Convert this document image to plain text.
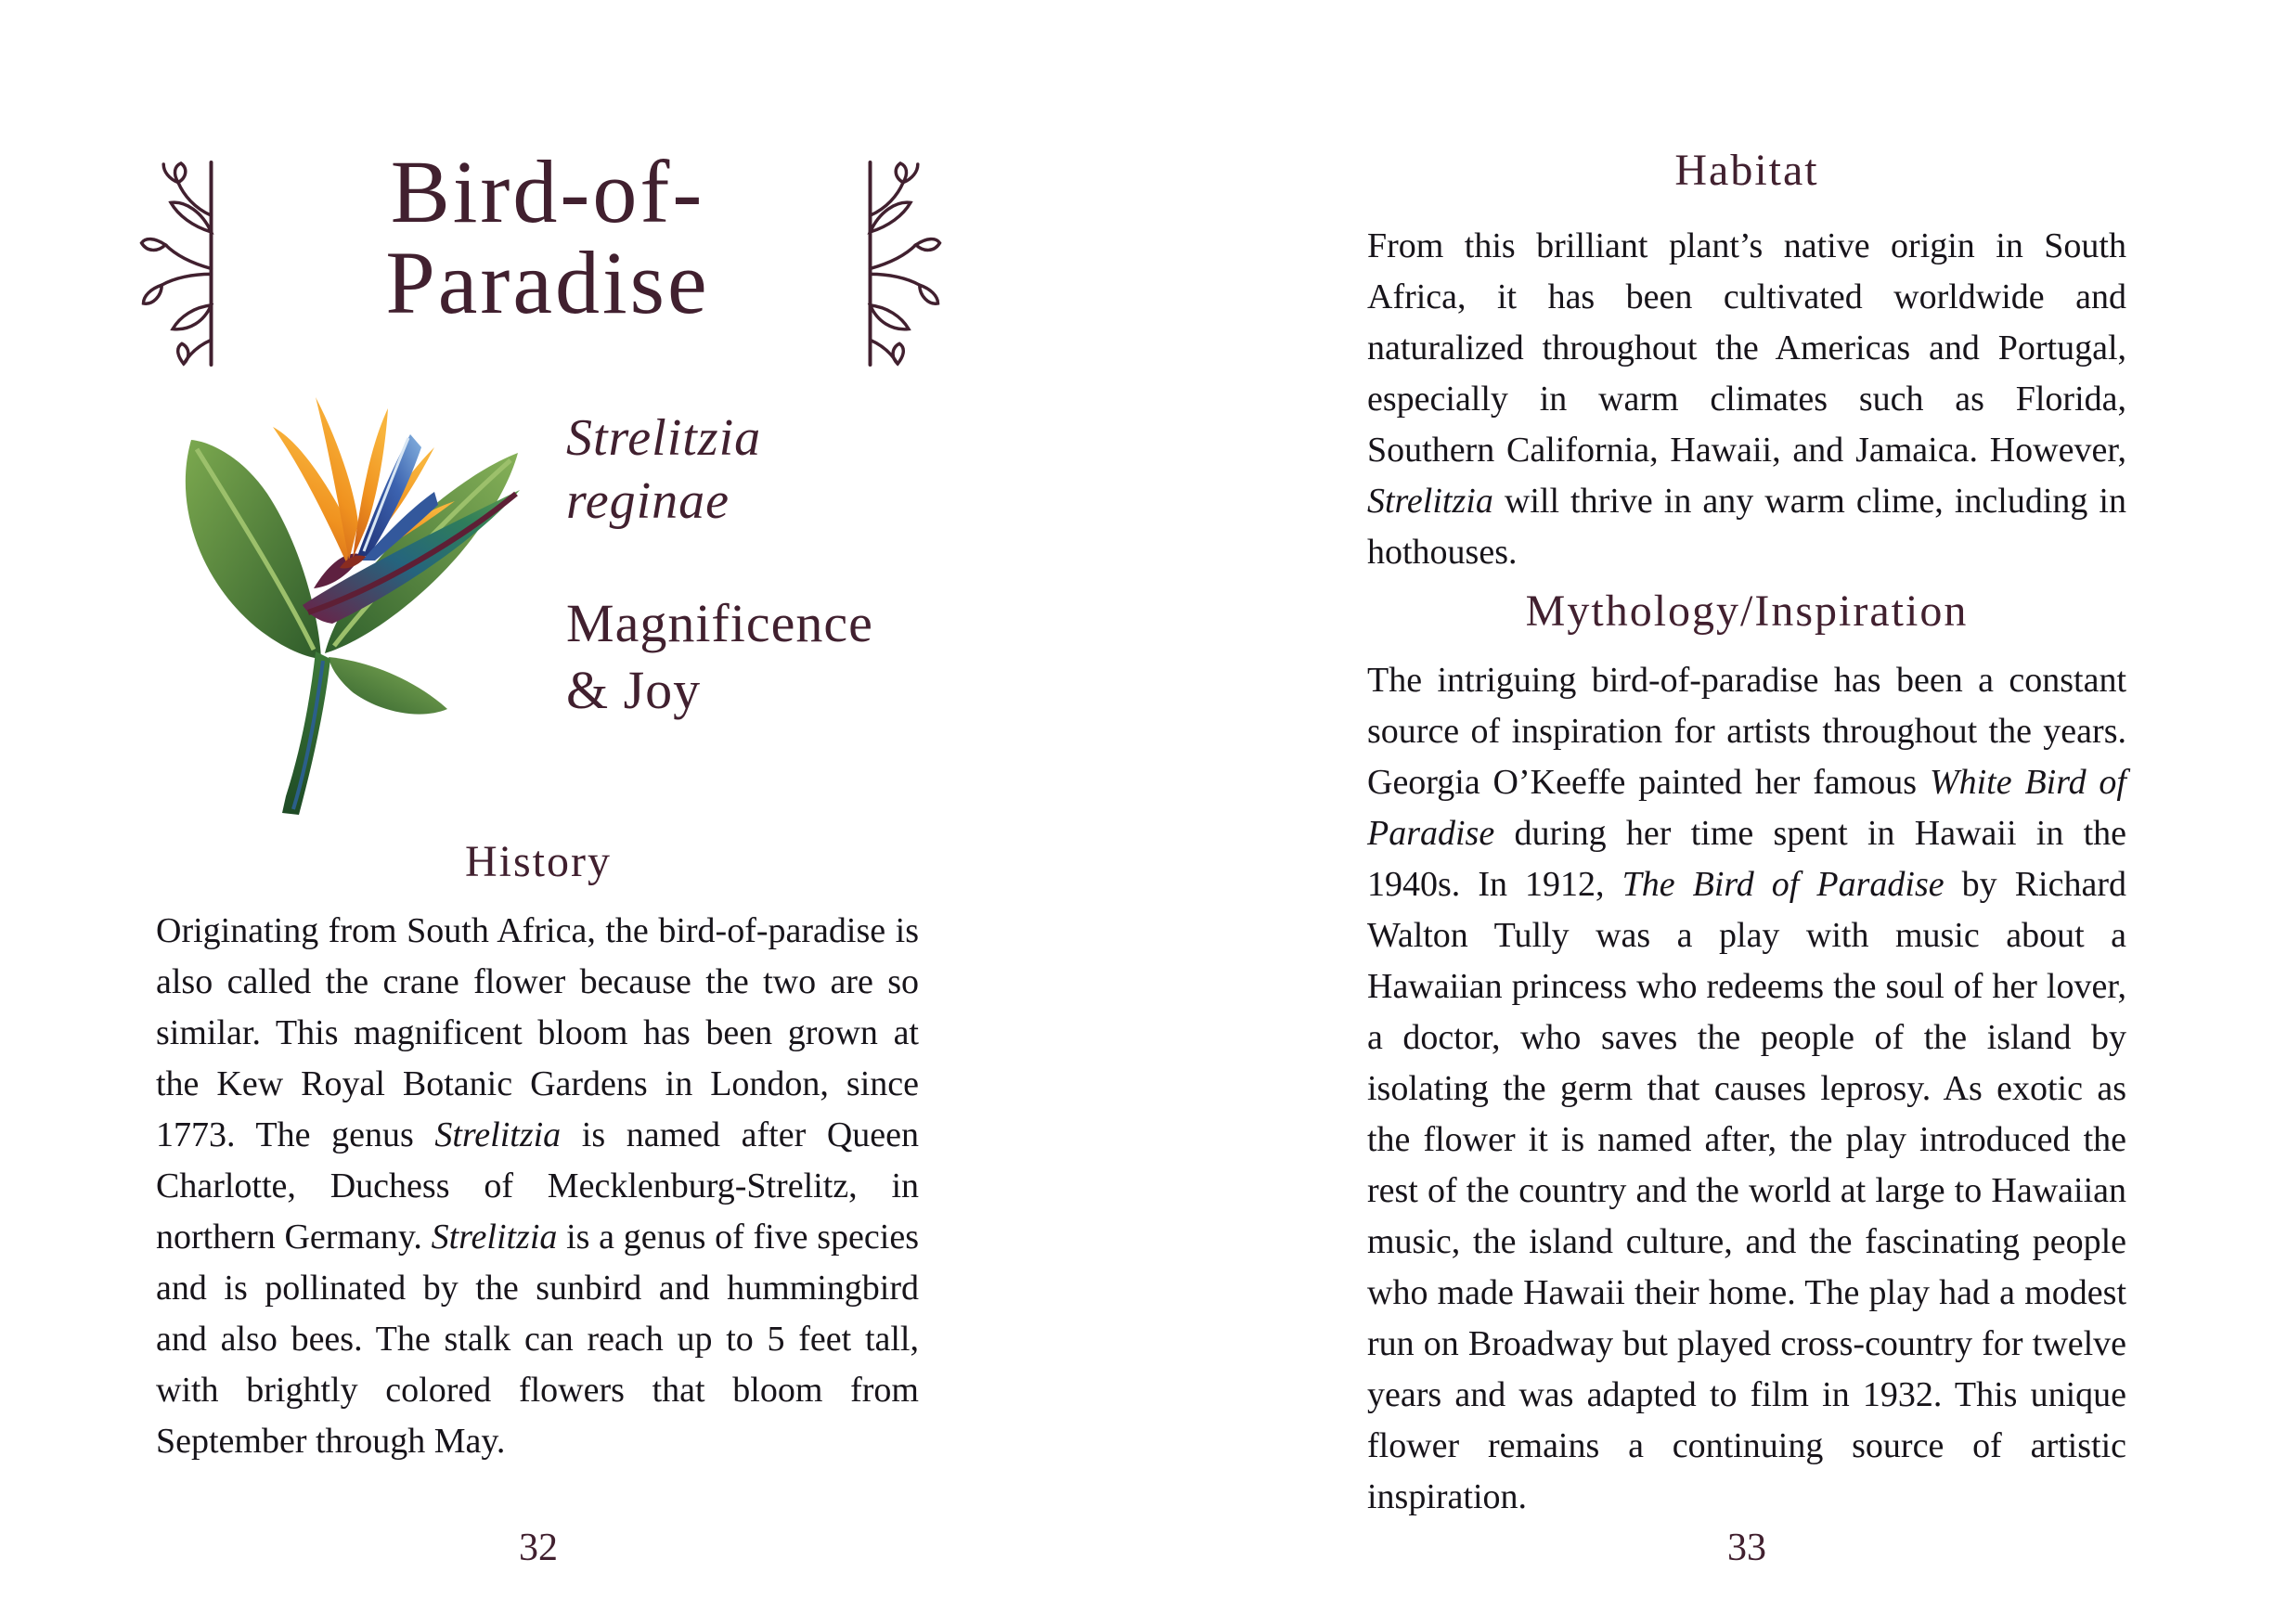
Bird-of-
Paradise
Strelitzia
reginae
Magnificence
& Joy
History

Originating from South Africa, the bird-of-paradise is also called the crane flower because the two are so similar. This magnificent bloom has been grown at the Kew Royal Botanic Gardens in London, since 1773. The genus Strelitzia is named after Queen Charlotte, Duchess of Mecklenburg-Strelitz, in northern Germany. Strelitzia is a genus of five species and is pollinated by the sunbird and hummingbird and also bees. The stalk can reach up to 5 feet tall, with brightly colored flowers that bloom from September through May.

32
Habitat

From this brilliant plant’s native origin in South Africa, it has been cultivated worldwide and naturalized throughout the Americas and Portugal, especially in warm climates such as Florida, Southern California, Hawaii, and Jamaica. However, Strelitzia will thrive in any warm clime, including in hothouses.

Mythology/Inspiration

The intriguing bird-of-paradise has been a constant source of inspiration for artists throughout the years. Georgia O’Keeffe painted her famous White Bird of Paradise during her time spent in Hawaii in the 1940s. In 1912, The Bird of Paradise by Richard Walton Tully was a play with music about a Hawaiian princess who redeems the soul of her lover, a doctor, who saves the people of the island by isolating the germ that causes leprosy. As exotic as the flower it is named after, the play introduced the rest of the country and the world at large to Hawaiian music, the island culture, and the fascinating people who made Hawaii their home. The play had a modest run on Broadway but played cross-country for twelve years and was adapted to film in 1932. This unique flower remains a continuing source of artistic inspiration.

33
